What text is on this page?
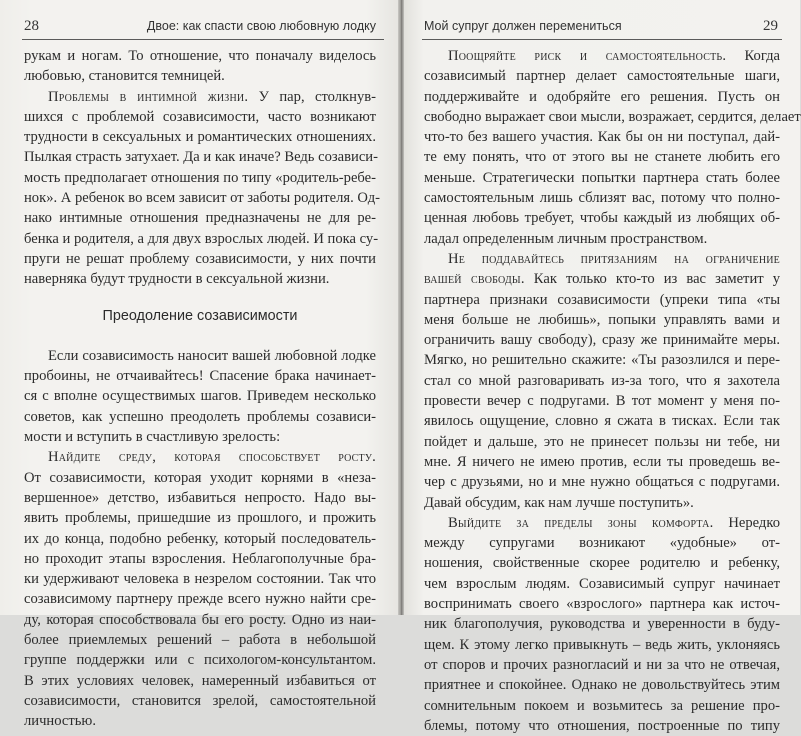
28	Двое: как спасти свою любовную лодку
рукам и ногам. То отношение, что поначалу виделось
любовью, становится темницей.
Проблемы в интимной жизни. У пар, столкнув-
шихся с проблемой созависимости, часто возникают
трудности в сексуальных и романтических отношениях.
Пылкая страсть затухает. Да и как иначе? Ведь созависи-
мость предполагает отношения по типу «родитель-ребе-
нок». А ребенок во всем зависит от заботы родителя. Од-
нако интимные отношения предназначены не для ре-
бенка и родителя, а для двух взрослых людей. И пока су-
пруги не решат проблему созависимости, у них почти
наверняка будут трудности в сексуальной жизни.
Преодоление созависимости
Если созависимость наносит вашей любовной лодке
пробоины, не отчаивайтесь! Спасение брака начинает-
ся с вполне осуществимых шагов. Приведем несколько
советов, как успешно преодолеть проблемы созависи-
мости и вступить в счастливую зрелость:
Найдите среду, которая способствует росту.
От созависимости, которая уходит корнями в «неза-
вершенное» детство, избавиться непросто. Надо вы-
явить проблемы, пришедшие из прошлого, и прожить
их до конца, подобно ребенку, который последователь-
но проходит этапы взросления. Неблагополучные бра-
ки удерживают человека в незрелом состоянии. Так что
созависимому партнеру прежде всего нужно найти сре-
ду, которая способствовала бы его росту. Одно из наи-
более приемлемых решений – работа в небольшой
группе поддержки или с психологом-консультантом.
В этих условиях человек, намеренный избавиться от
созависимости, становится зрелой, самостоятельной
личностью.
Мой супруг должен перемениться	29
Поощряйте риск и самостоятельность. Когда
созависимый партнер делает самостоятельные шаги,
поддерживайте и одобряйте его решения. Пусть он
свободно выражает свои мысли, возражает, сердится, делает
что-то без вашего участия. Как бы он ни поступал, дай-
те ему понять, что от этого вы не станете любить его
меньше. Стратегически попытки партнера стать более
самостоятельным лишь сблизят вас, потому что полно-
ценная любовь требует, чтобы каждый из любящих об-
ладал определенным личным пространством.
Не поддавайтесь притязаниям на ограничение
вашей свободы. Как только кто-то из вас заметит у
партнера признаки созависимости (упреки типа «ты
меня больше не любишь», попыки управлять вами и
ограничить вашу свободу), сразу же принимайте меры.
Мягко, но решительно скажите: «Ты разозлился и пере-
стал со мной разговаривать из-за того, что я захотела
провести вечер с подругами. В тот момент у меня по-
явилось ощущение, словно я сжата в тисках. Если так
пойдет и дальше, это не принесет пользы ни тебе, ни
мне. Я ничего не имею против, если ты проведешь ве-
чер с друзьями, но и мне нужно общаться с подругами.
Давай обсудим, как нам лучше поступить».
Выйдите за пределы зоны комфорта. Нередко
между супругами возникают «удобные» от-
ношения, свойственные скорее родителю и ребенку,
чем взрослым людям. Созависимый супруг начинает
воспринимать своего «взрослого» партнера как источ-
ник благополучия, руководства и уверенности в буду-
щем. К этому легко привыкнуть – ведь жить, уклоняясь
от споров и прочих разногласий и ни за что не отвечая,
приятнее и спокойнее. Однако не довольствуйтесь этим
сомнительным покоем и возьмитесь за решение про-
блемы, потому что отношения, построенные по типу
